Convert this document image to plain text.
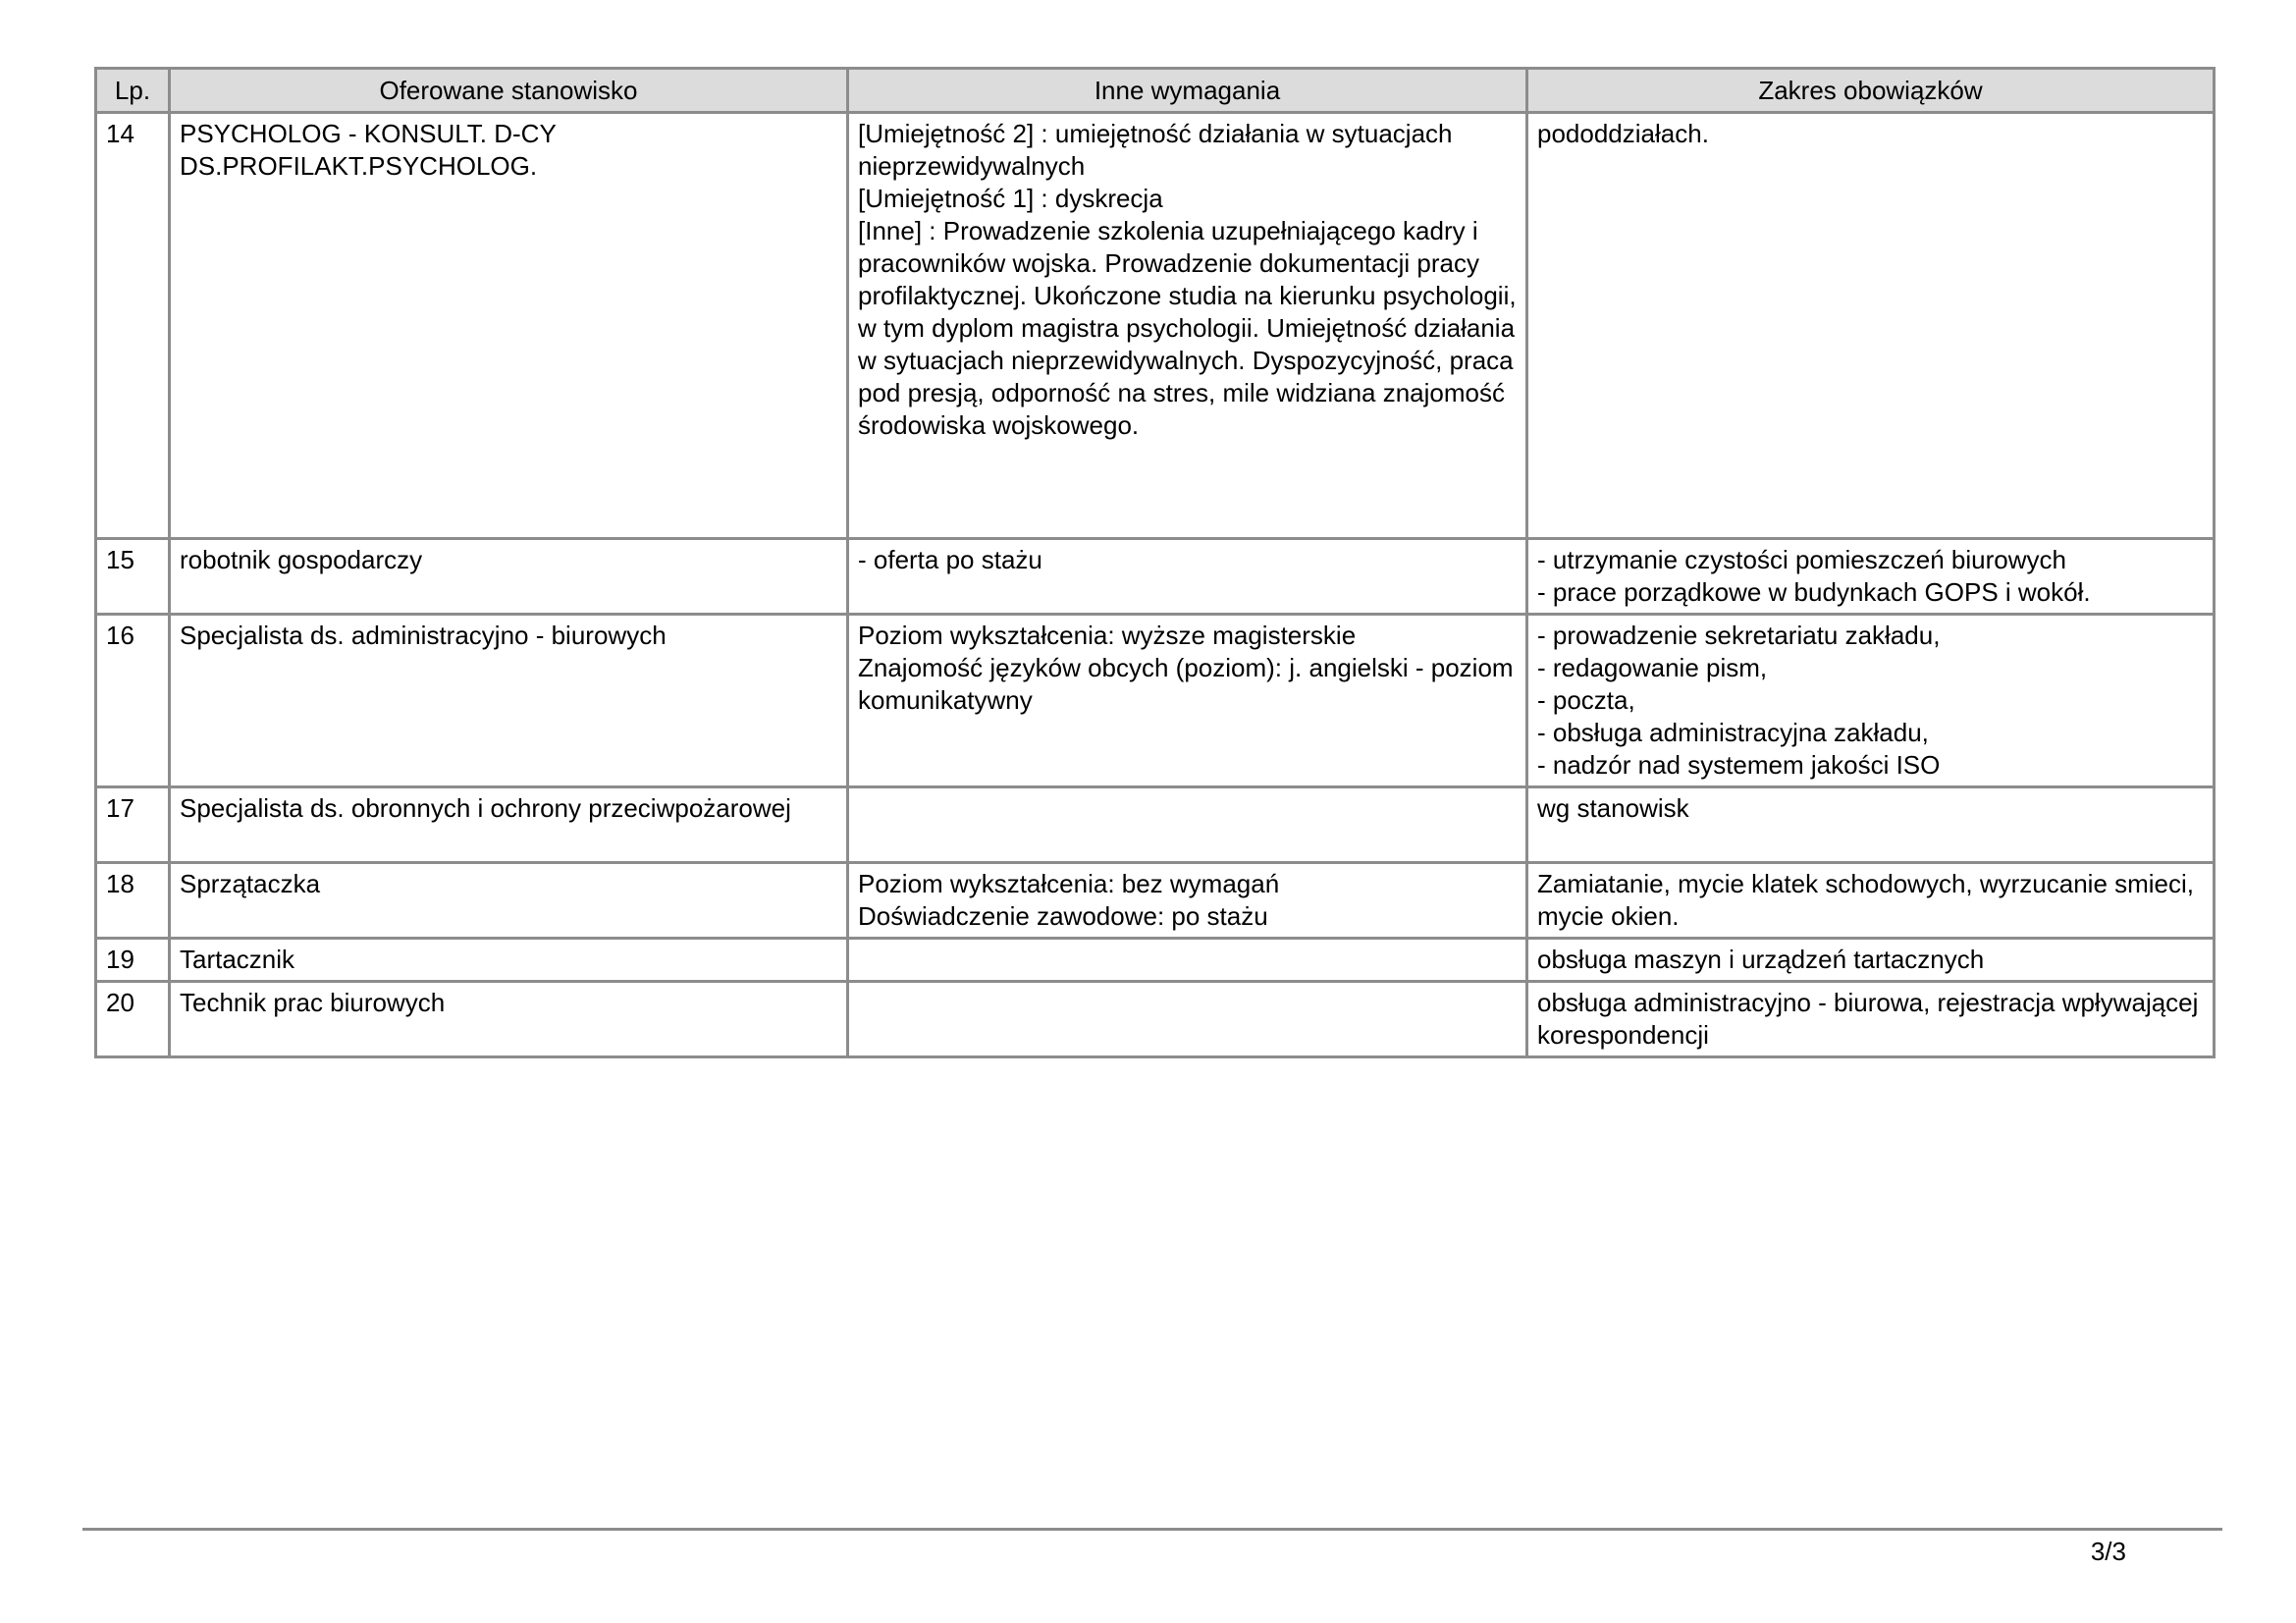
Lp.	Oferowane stanowisko	Inne wymagania	Zakres obowiązków
14	PSYCHOLOG - KONSULT. D-CY
DS.PROFILAKT.PSYCHOLOG.	[Umiejętność 2] : umiejętność działania w sytuacjach nieprzewidywalnych
[Umiejętność 1] : dyskrecja
[Inne] : Prowadzenie szkolenia uzupełniającego kadry i pracowników wojska. Prowadzenie dokumentacji pracy profilaktycznej. Ukończone studia na kierunku psychologii, w tym dyplom magistra psychologii. Umiejętność działania w sytuacjach nieprzewidywalnych. Dyspozycyjność, praca pod presją, odporność na stres, mile widziana znajomość środowiska wojskowego.	pododdziałach.

15	robotnik gospodarczy	- oferta po stażu	- utrzymanie czystości pomieszczeń biurowych
- prace porządkowe w budynkach GOPS i wokół.

16	Specjalista ds. administracyjno - biurowych	Poziom wykształcenia: wyższe magisterskie
Znajomość języków obcych (poziom): j. angielski - poziom komunikatywny	- prowadzenie sekretariatu zakładu,
- redagowanie pism,
- poczta,
- obsługa administracyjna zakładu,
- nadzór nad systemem jakości ISO

17	Specjalista ds. obronnych i ochrony przeciwpożarowej		wg stanowisk

18	Sprzątaczka	Poziom wykształcenia: bez wymagań
Doświadczenie zawodowe: po stażu	Zamiatanie, mycie klatek schodowych, wyrzucanie smieci, mycie okien.

19	Tartacznik		obsługa maszyn i urządzeń tartacznych

20	Technik prac biurowych		obsługa administracyjno - biurowa, rejestracja wpływającej korespondencji
3/3
